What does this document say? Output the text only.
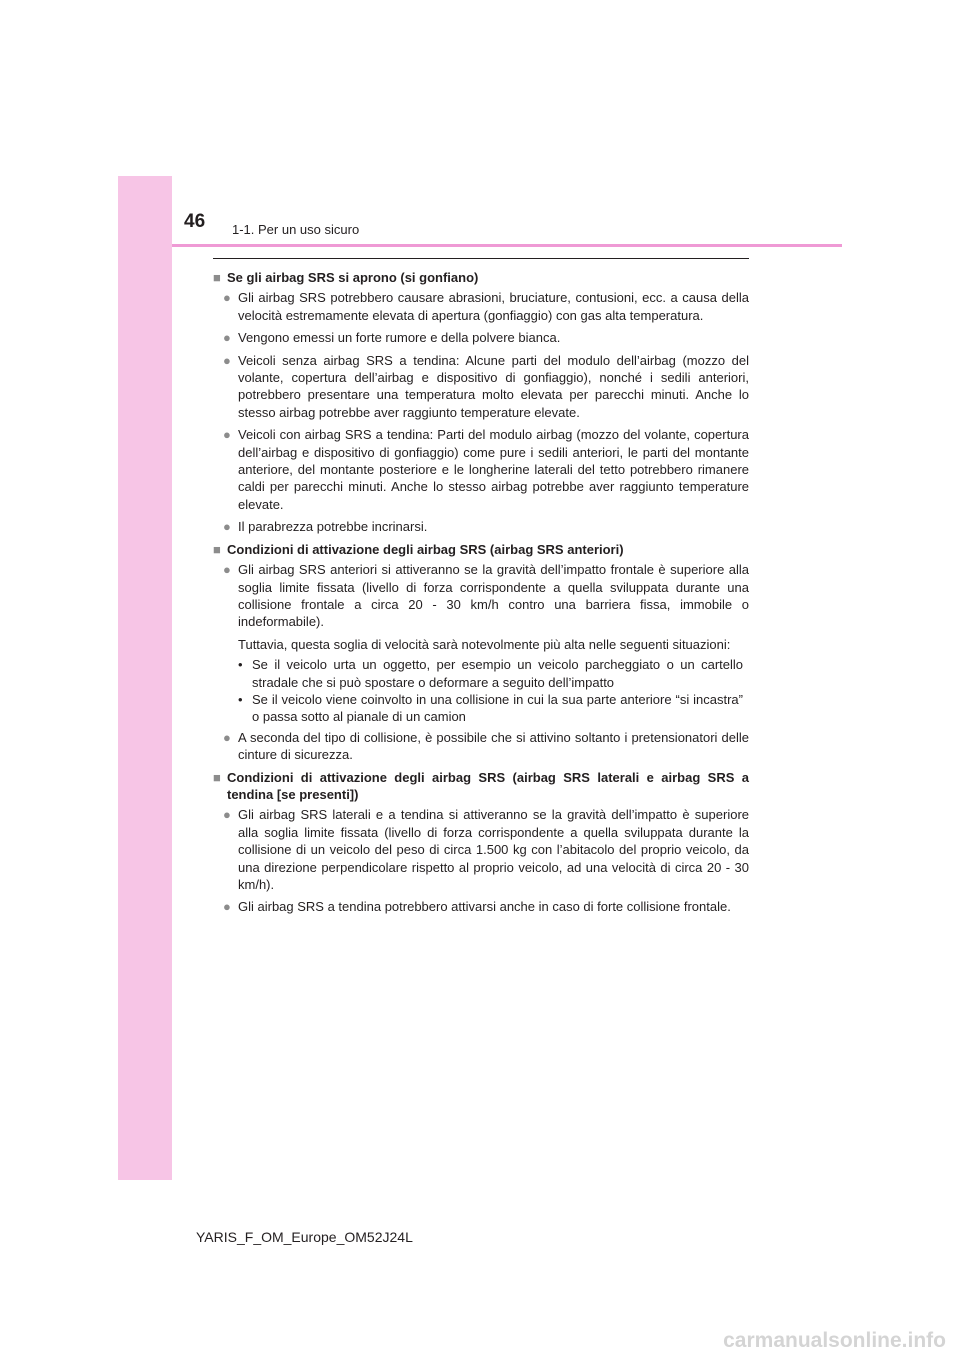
46 1-1. Per un uso sicuro
■ Se gli airbag SRS si aprono (si gonfiano)
● Gli airbag SRS potrebbero causare abrasioni, bruciature, contusioni, ecc. a causa della velocità estremamente elevata di apertura (gonfiaggio) con gas alta temperatura.
● Vengono emessi un forte rumore e della polvere bianca.
● Veicoli senza airbag SRS a tendina: Alcune parti del modulo dell’airbag (mozzo del volante, copertura dell’airbag e dispositivo di gonfiaggio), nonché i sedili anteriori, potrebbero presentare una temperatura molto elevata per parecchi minuti. Anche lo stesso airbag potrebbe aver raggiunto temperature elevate.
● Veicoli con airbag SRS a tendina: Parti del modulo airbag (mozzo del volante, copertura dell’airbag e dispositivo di gonfiaggio) come pure i sedili anteriori, le parti del montante anteriore, del montante posteriore e le longherine laterali del tetto potrebbero rimanere caldi per parecchi minuti. Anche lo stesso airbag potrebbe aver raggiunto temperature elevate.
● Il parabrezza potrebbe incrinarsi.
■ Condizioni di attivazione degli airbag SRS (airbag SRS anteriori)
● Gli airbag SRS anteriori si attiveranno se la gravità dell’impatto frontale è superiore alla soglia limite fissata (livello di forza corrispondente a quella sviluppata durante una collisione frontale a circa 20 - 30 km/h contro una barriera fissa, immobile o indeformabile).
Tuttavia, questa soglia di velocità sarà notevolmente più alta nelle seguenti situazioni:
• Se il veicolo urta un oggetto, per esempio un veicolo parcheggiato o un cartello stradale che si può spostare o deformare a seguito dell’impatto
• Se il veicolo viene coinvolto in una collisione in cui la sua parte anteriore “si incastra” o passa sotto al pianale di un camion
● A seconda del tipo di collisione, è possibile che si attivino soltanto i pretensionatori delle cinture di sicurezza.
■ Condizioni di attivazione degli airbag SRS (airbag SRS laterali e airbag SRS a tendina [se presenti])
● Gli airbag SRS laterali e a tendina si attiveranno se la gravità dell’impatto è superiore alla soglia limite fissata (livello di forza corrispondente a quella sviluppata durante la collisione di un veicolo del peso di circa 1.500 kg con l’abitacolo del proprio veicolo, da una direzione perpendicolare rispetto al proprio veicolo, ad una velocità di circa 20 - 30 km/h).
● Gli airbag SRS a tendina potrebbero attivarsi anche in caso di forte collisione frontale.
YARIS_F_OM_Europe_OM52J24L
carmanualsonline.info
